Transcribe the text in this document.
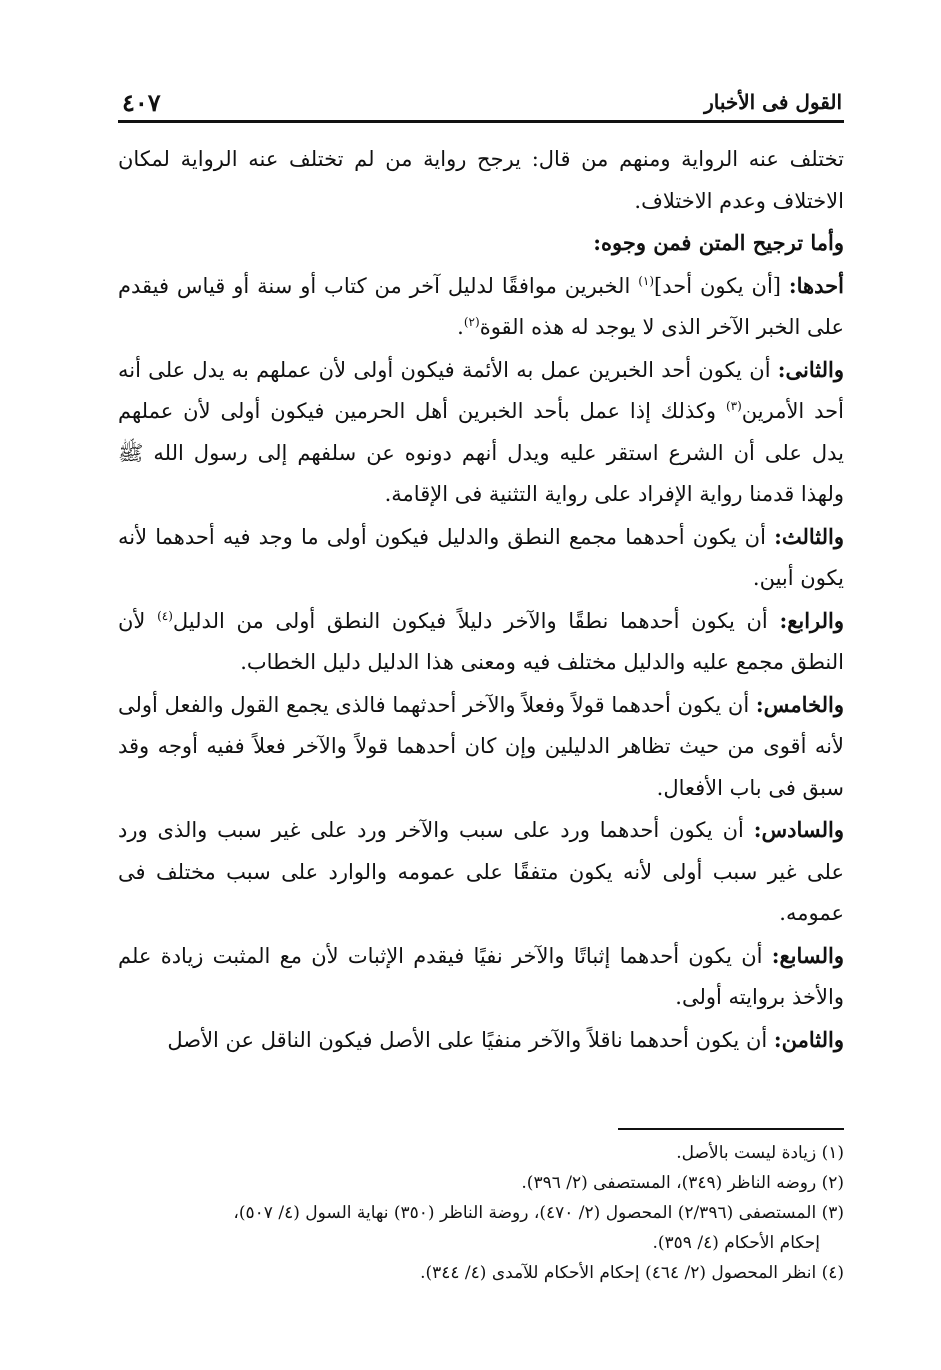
القول فى الأخبار
٤٠٧

تختلف عنه الرواية ومنهم من قال: يرجح رواية من لم تختلف عنه الرواية لمكان الاختلاف وعدم الاختلاف.

وأما ترجيح المتن فمن وجوه:

أحدها: [أن يكون أحد]$^{(١)}$ الخبرين موافقًا لدليل آخر من كتاب أو سنة أو قياس فيقدم على الخبر الآخر الذى لا يوجد له هذه القوة$^{(٢)}$.

والثانى: أن يكون أحد الخبرين عمل به الأئمة فيكون أولى لأن عملهم به يدل على أنه أحد الأمرين$^{(٣)}$ وكذلك إذا عمل بأحد الخبرين أهل الحرمين فيكون أولى لأن عملهم يدل على أن الشرع استقر عليه ويدل أنهم دونوه عن سلفهم إلى رسول الله ﷺ ولهذا قدمنا رواية الإفراد على رواية التثنية فى الإقامة.

والثالث: أن يكون أحدهما مجمع النطق والدليل فيكون أولى ما وجد فيه أحدهما لأنه يكون أبين.

والرابع: أن يكون أحدهما نطقًا والآخر دليلاً فيكون النطق أولى من الدليل$^{(٤)}$ لأن النطق مجمع عليه والدليل مختلف فيه ومعنى هذا الدليل دليل الخطاب.

والخامس: أن يكون أحدهما قولاً وفعلاً والآخر أحدثهما فالذى يجمع القول والفعل أولى لأنه أقوى من حيث تظاهر الدليلين وإن كان أحدهما قولاً والآخر فعلاً ففيه أوجه وقد سبق فى باب الأفعال.

والسادس: أن يكون أحدهما ورد على سبب والآخر ورد على غير سبب والذى ورد على غير سبب أولى لأنه يكون متفقًا على عمومه والوارد على سبب مختلف فى عمومه.

والسابع: أن يكون أحدهما إثباتًا والآخر نفيًا فيقدم الإثبات لأن مع المثبت زيادة علم والأخذ بروايته أولى.

والثامن: أن يكون أحدهما ناقلاً والآخر منفيًا على الأصل فيكون الناقل عن الأصل

(١) زيادة ليست بالأصل.

(٢) روضه الناظر (٣٤٩)، المستصفى (٢/ ٣٩٦).

(٣) المستصفى (٢/٣٩٦) المحصول (٢/ ٤٧٠)، روضة الناظر (٣٥٠) نهاية السول (٤/ ٥٠٧)،
إحكام الأحكام (٤/ ٣٥٩).

(٤) انظر المحصول (٢/ ٤٦٤) إحكام الأحكام للآمدى (٤/ ٣٤٤).
